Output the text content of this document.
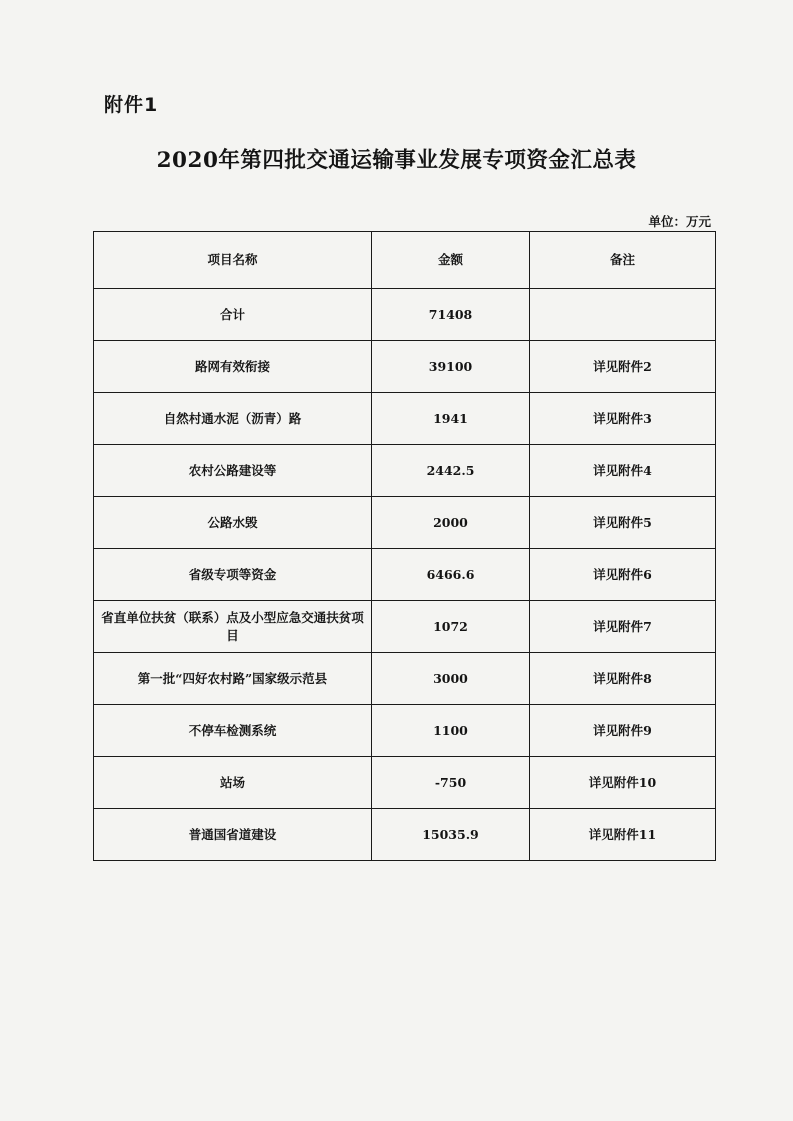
附件1
2020年第四批交通运输事业发展专项资金汇总表
单位：万元
项目名称	金额	备注
合计	71408	
路网有效衔接	39100	详见附件2
自然村通水泥（沥青）路	1941	详见附件3
农村公路建设等	2442.5	详见附件4
公路水毁	2000	详见附件5
省级专项等资金	6466.6	详见附件6
省直单位扶贫（联系）点及小型应急交通扶贫项目	1072	详见附件7
第一批“四好农村路”国家级示范县	3000	详见附件8
不停车检测系统	1100	详见附件9
站场	-750	详见附件10
普通国省道建设	15035.9	详见附件11
